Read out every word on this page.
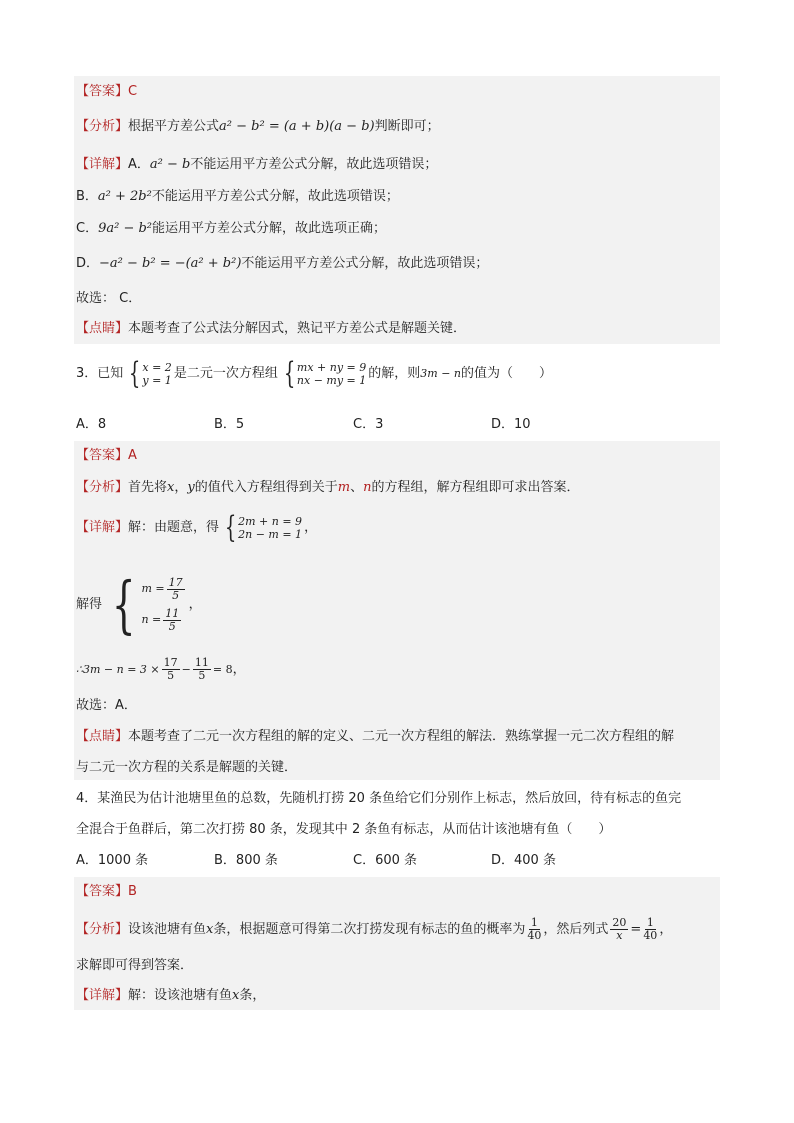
【答案】C
【分析】根据平方差公式a² − b² = (a + b)(a − b)判断即可；
【详解】A．a² − b不能运用平方差公式分解，故此选项错误；
B．a² + 2b²不能运用平方差公式分解，故此选项错误；
C．9a² − b²能运用平方差公式分解，故此选项正确；
D．−a² − b² = −(a² + b²)不能运用平方差公式分解，故此选项错误；
故选： C．
【点睛】本题考查了公式法分解因式，熟记平方差公式是解题关键．
3．已知 { x = 2
y = 1 是二元一次方程组 { mx + ny = 9
nx − my = 1 的解，则3m − n的值为（　　）
A．8	B．5	C．3	D．10
【答案】A
【分析】首先将x，y的值代入方程组得到关于m、n的方程组，解方程组即可求出答案．
【详解】解：由题意，得 { 2m + n = 9
2n − m = 1 ，
解得 { $m = \frac{17}{5}$
$n = \frac{11}{5}$
，
∴3m − $n = 3 \times \frac{17}{5} - \frac{11}{5} = 8$，
故选：A．
【点睛】本题考查了二元一次方程组的解的定义、二元一次方程组的解法．熟练掌握一元二次方程组的解
与二元一次方程的关系是解题的关键．
4．某渔民为估计池塘里鱼的总数，先随机打捞 20 条鱼给它们分别作上标志，然后放回，待有标志的鱼完
全混合于鱼群后，第二次打捞 80 条，发现其中 2 条鱼有标志，从而估计该池塘有鱼（　　）
A．1000 条	B．800 条	C．600 条	D．400 条
【答案】B
【分析】设该池塘有鱼x条，根据题意可得第二次打捞发现有标志的鱼的概率为 $\frac{1}{40}$ ，然后列式 $\frac{20}{x} = \frac{1}{40}$ ，
求解即可得到答案．
【详解】解：设该池塘有鱼x条，
